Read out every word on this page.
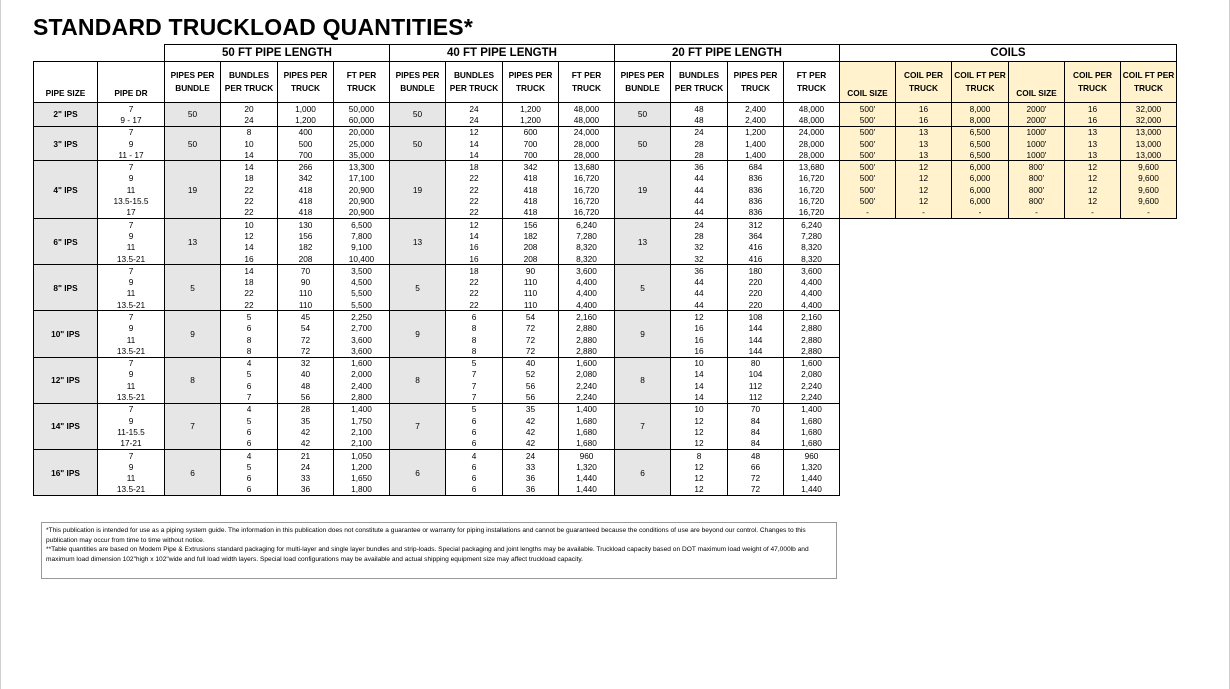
STANDARD TRUCKLOAD QUANTITIES*
		50 FT PIPE LENGTH				40 FT PIPE LENGTH				20 FT PIPE LENGTH				COILS					
PIPE SIZE	PIPE DR	PIPES PER BUNDLE	BUNDLES PER TRUCK	PIPES PER TRUCK	FT PER TRUCK	PIPES PER BUNDLE	BUNDLES PER TRUCK	PIPES PER TRUCK	FT PER TRUCK	PIPES PER BUNDLE	BUNDLES PER TRUCK	PIPES PER TRUCK	FT PER TRUCK	COIL SIZE	COIL PER TRUCK	COIL FT PER TRUCK	COIL SIZE	COIL PER TRUCK	COIL FT PER TRUCK
2" IPS	7	50	20	1,000	50,000	50	24	1,200	48,000	50	48	2,400	48,000	500'	16	8,000	2000'	16	32,000
	9 - 17		24	1,200	60,000		24	1,200	48,000		48	2,400	48,000	500'	16	8,000	2000'	16	32,000
3" IPS	7	50	8	400	20,000	50	12	600	24,000	50	24	1,200	24,000	500'	13	6,500	1000'	13	13,000
	9		10	500	25,000		14	700	28,000		28	1,400	28,000	500'	13	6,500	1000'	13	13,000
	11 - 17		14	700	35,000		14	700	28,000		28	1,400	28,000	500'	13	6,500	1000'	13	13,000
4" IPS	7	19	14	266	13,300	19	18	342	13,680	19	36	684	13,680	500'	12	6,000	800'	12	9,600
	9		18	342	17,100		22	418	16,720		44	836	16,720	500'	12	6,000	800'	12	9,600
	11		22	418	20,900		22	418	16,720		44	836	16,720	500'	12	6,000	800'	12	9,600
	13.5-15.5		22	418	20,900		22	418	16,720		44	836	16,720	500'	12	6,000	800'	12	9,600
	17		22	418	20,900		22	418	16,720		44	836	16,720	-	-	-	-	-	-
6" IPS	7	13	10	130	6,500	13	12	156	6,240	13	24	312	6,240						
	9		12	156	7,800		14	182	7,280		28	364	7,280						
	11		14	182	9,100		16	208	8,320		32	416	8,320						
	13.5-21		16	208	10,400		16	208	8,320		32	416	8,320						
8" IPS	7	5	14	70	3,500	5	18	90	3,600	5	36	180	3,600						
	9		18	90	4,500		22	110	4,400		44	220	4,400						
	11		22	110	5,500		22	110	4,400		44	220	4,400						
	13.5-21		22	110	5,500		22	110	4,400		44	220	4,400						
10" IPS	7	9	5	45	2,250	9	6	54	2,160	9	12	108	2,160						
	9		6	54	2,700		8	72	2,880		16	144	2,880						
	11		8	72	3,600		8	72	2,880		16	144	2,880						
	13.5-21		8	72	3,600		8	72	2,880		16	144	2,880						
12" IPS	7	8	4	32	1,600	8	5	40	1,600	8	10	80	1,600						
	9		5	40	2,000		7	52	2,080		14	104	2,080						
	11		6	48	2,400		7	56	2,240		14	112	2,240						
	13.5-21		7	56	2,800		7	56	2,240		14	112	2,240						
14" IPS	7	7	4	28	1,400	7	5	35	1,400	7	10	70	1,400						
	9		5	35	1,750		6	42	1,680		12	84	1,680						
	11-15.5		6	42	2,100		6	42	1,680		12	84	1,680						
	17-21		6	42	2,100		6	42	1,680		12	84	1,680						
16" IPS	7	6	4	21	1,050	6	4	24	960	6	8	48	960						
	9		5	24	1,200		6	33	1,320		12	66	1,320						
	11		6	33	1,650		6	36	1,440		12	72	1,440						
	13.5-21		6	36	1,800		6	36	1,440		12	72	1,440						

*This publication is intended for use as a piping system guide. The information in this publication does not constitute a guarantee or warranty for piping installations and cannot be guaranteed because the conditions of use are beyond our control. Changes to this publication may occur from time to time without notice.

**Table quantities are based on Modern Pipe & Extrusions standard packaging for multi-layer and single layer bundles and strip-loads. Special packaging and joint lengths may be available. Truckload capacity based on DOT maximum load weight of 47,000lb and maximum load dimension 102"high x 102"wide and full load width layers. Special load configurations may be available and actual shipping equipment size may affect truckload capacity.
